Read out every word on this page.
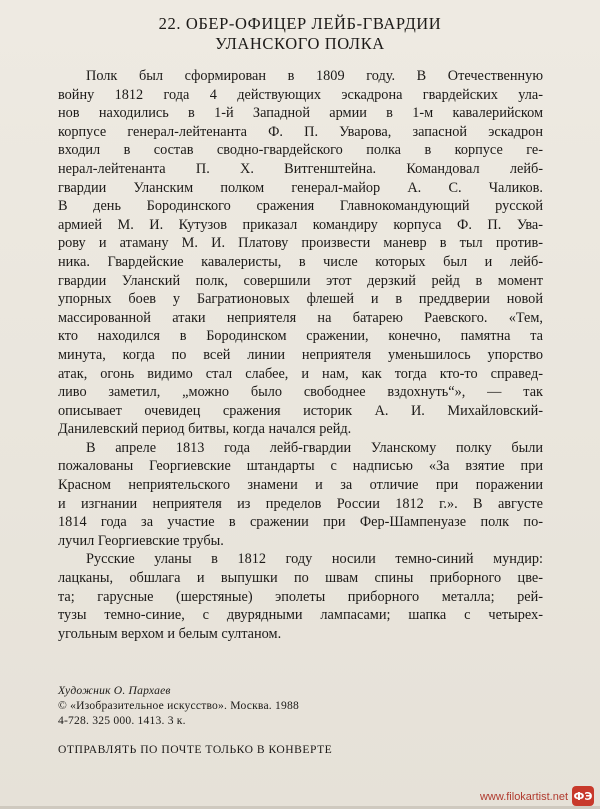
22. ОБЕР-ОФИЦЕР ЛЕЙБ-ГВАРДИИ
УЛАНСКОГО ПОЛКА
Полк был сформирован в 1809 году. В Отечественную
войну 1812 года 4 действующих эскадрона гвардейских ула-
нов находились в 1-й Западной армии в 1-м кавалерийском
корпусе генерал-лейтенанта Ф. П. Уварова, запасной эскадрон
входил в состав сводно-гвардейского полка в корпусе ге-
нерал-лейтенанта П. Х. Витгенштейна. Командовал лейб-
гвардии Уланским полком генерал-майор А. С. Чаликов.
В день Бородинского сражения Главнокомандующий русской
армией М. И. Кутузов приказал командиру корпуса Ф. П. Ува-
рову и атаману М. И. Платову произвести маневр в тыл против-
ника. Гвардейские кавалеристы, в числе которых был и лейб-
гвардии Уланский полк, совершили этот дерзкий рейд в момент
упорных боев у Багратионовых флешей и в преддверии новой
массированной атаки неприятеля на батарею Раевского. «Тем,
кто находился в Бородинском сражении, конечно, памятна та
минута, когда по всей линии неприятеля уменьшилось упорство
атак, огонь видимо стал слабее, и нам, как тогда кто-то справед-
ливо заметил, „можно было свободнее вздохнуть“», — так
описывает очевидец сражения историк А. И. Михайловский-
Данилевский период битвы, когда начался рейд.
В апреле 1813 года лейб-гвардии Уланскому полку были
пожалованы Георгиевские штандарты с надписью «За взятие при
Красном неприятельского знамени и за отличие при поражении
и изгнании неприятеля из пределов России 1812 г.». В августе
1814 года за участие в сражении при Фер-Шампенуазе полк по-
лучил Георгиевские трубы.
Русские уланы в 1812 году носили темно-синий мундир:
лацканы, обшлага и выпушки по швам спины приборного цве-
та; гарусные (шерстяные) эполеты приборного металла; рей-
тузы темно-синие, с двурядными лампасами; шапка с четырех-
угольным верхом и белым султаном.
Художник О. Пархаев
© «Изобразительное искусство». Москва. 1988
4-728. 325 000. 1413. 3 к.
ОТПРАВЛЯТЬ ПО ПОЧТЕ ТОЛЬКО В КОНВЕРТЕ
www.filokartist.net ФЭ
